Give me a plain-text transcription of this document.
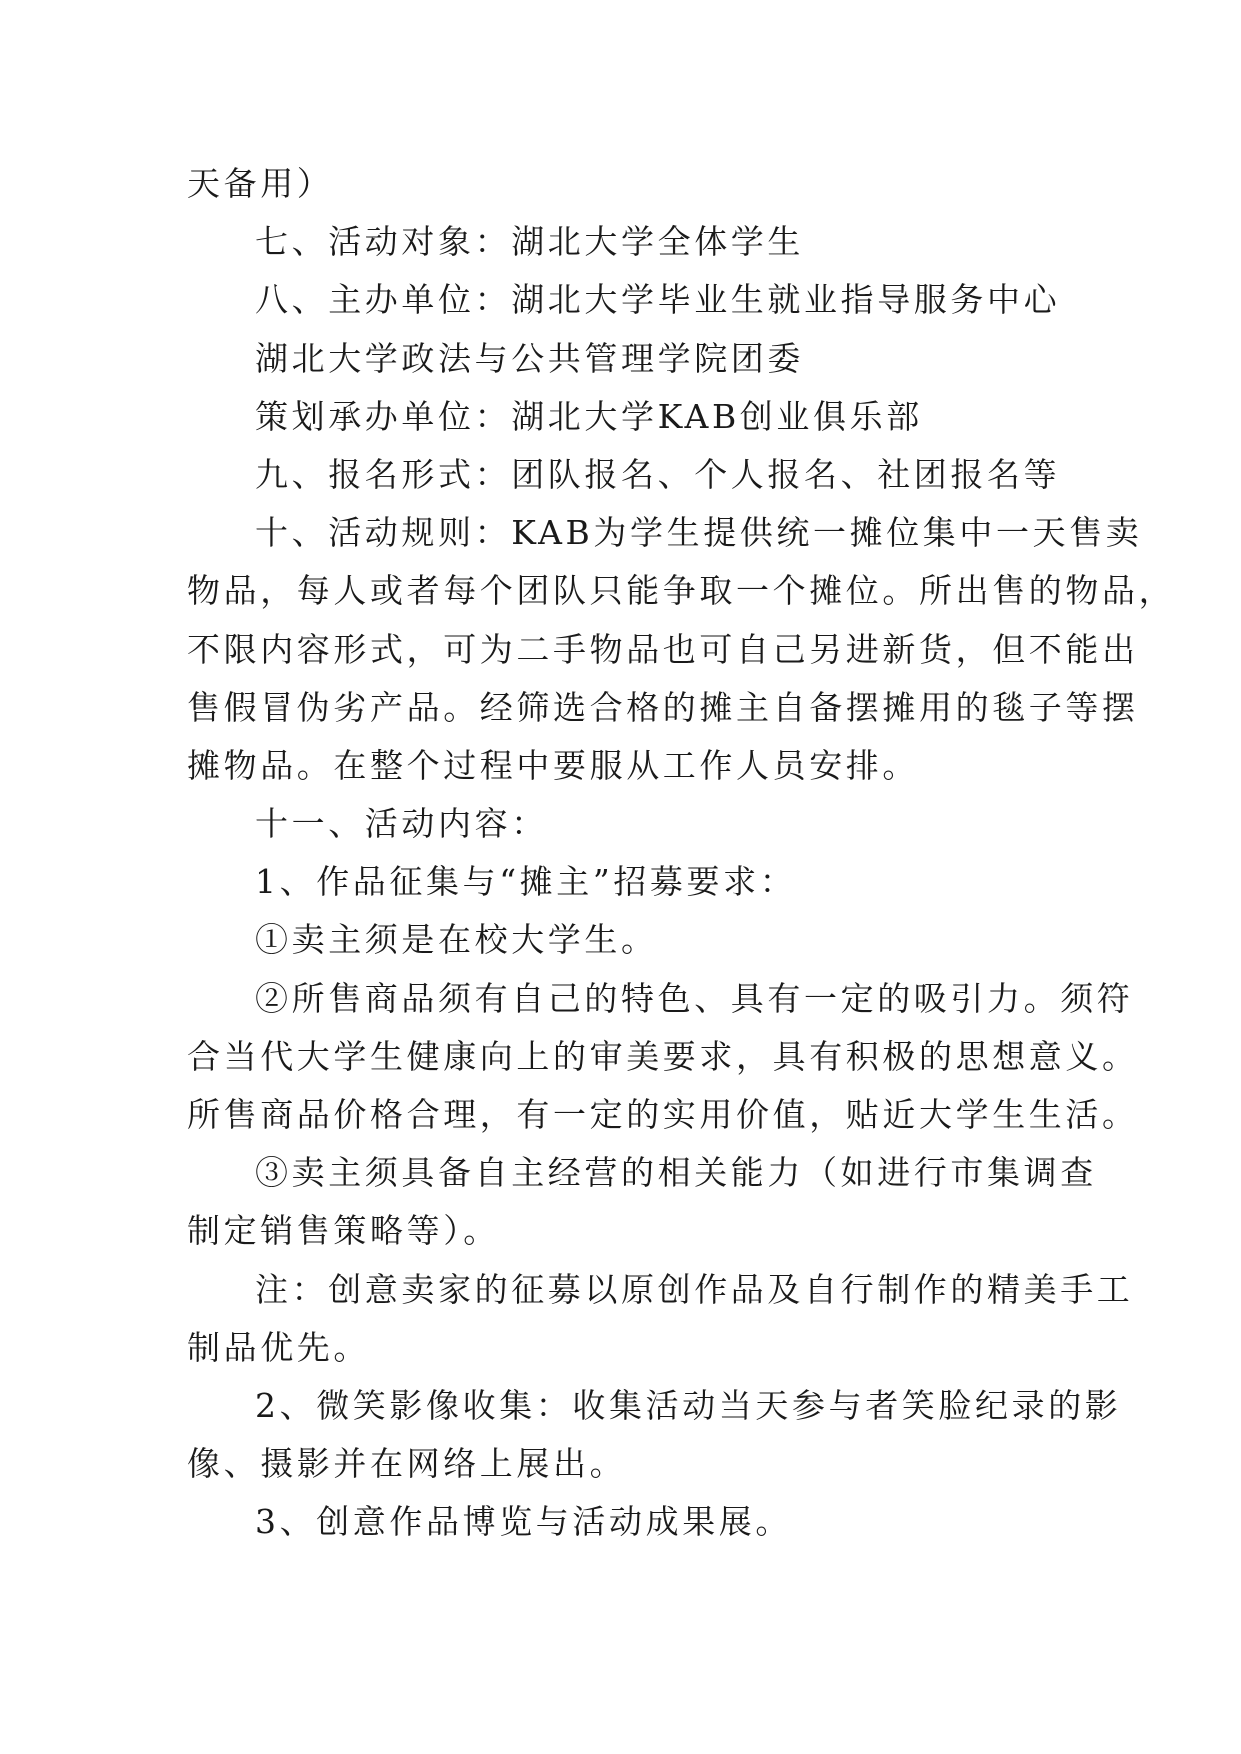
天备用）
七、活动对象：湖北大学全体学生
八、主办单位：湖北大学毕业生就业指导服务中心
湖北大学政法与公共管理学院团委
策划承办单位：湖北大学KAB创业俱乐部
九、报名形式：团队报名、个人报名、社团报名等
十、活动规则：KAB为学生提供统一摊位集中一天售卖
物品，每人或者每个团队只能争取一个摊位。所出售的物品，
不限内容形式，可为二手物品也可自己另进新货，但不能出
售假冒伪劣产品。经筛选合格的摊主自备摆摊用的毯子等摆
摊物品。在整个过程中要服从工作人员安排。
十一、活动内容：
1、作品征集与“摊主”招募要求：
①卖主须是在校大学生。
②所售商品须有自己的特色、具有一定的吸引力。须符
合当代大学生健康向上的审美要求，具有积极的思想意义。
所售商品价格合理，有一定的实用价值，贴近大学生生活。
③卖主须具备自主经营的相关能力（如进行市集调查
制定销售策略等）。
注：创意卖家的征募以原创作品及自行制作的精美手工
制品优先。
2、微笑影像收集：收集活动当天参与者笑脸纪录的影
像、摄影并在网络上展出。
3、创意作品博览与活动成果展。
